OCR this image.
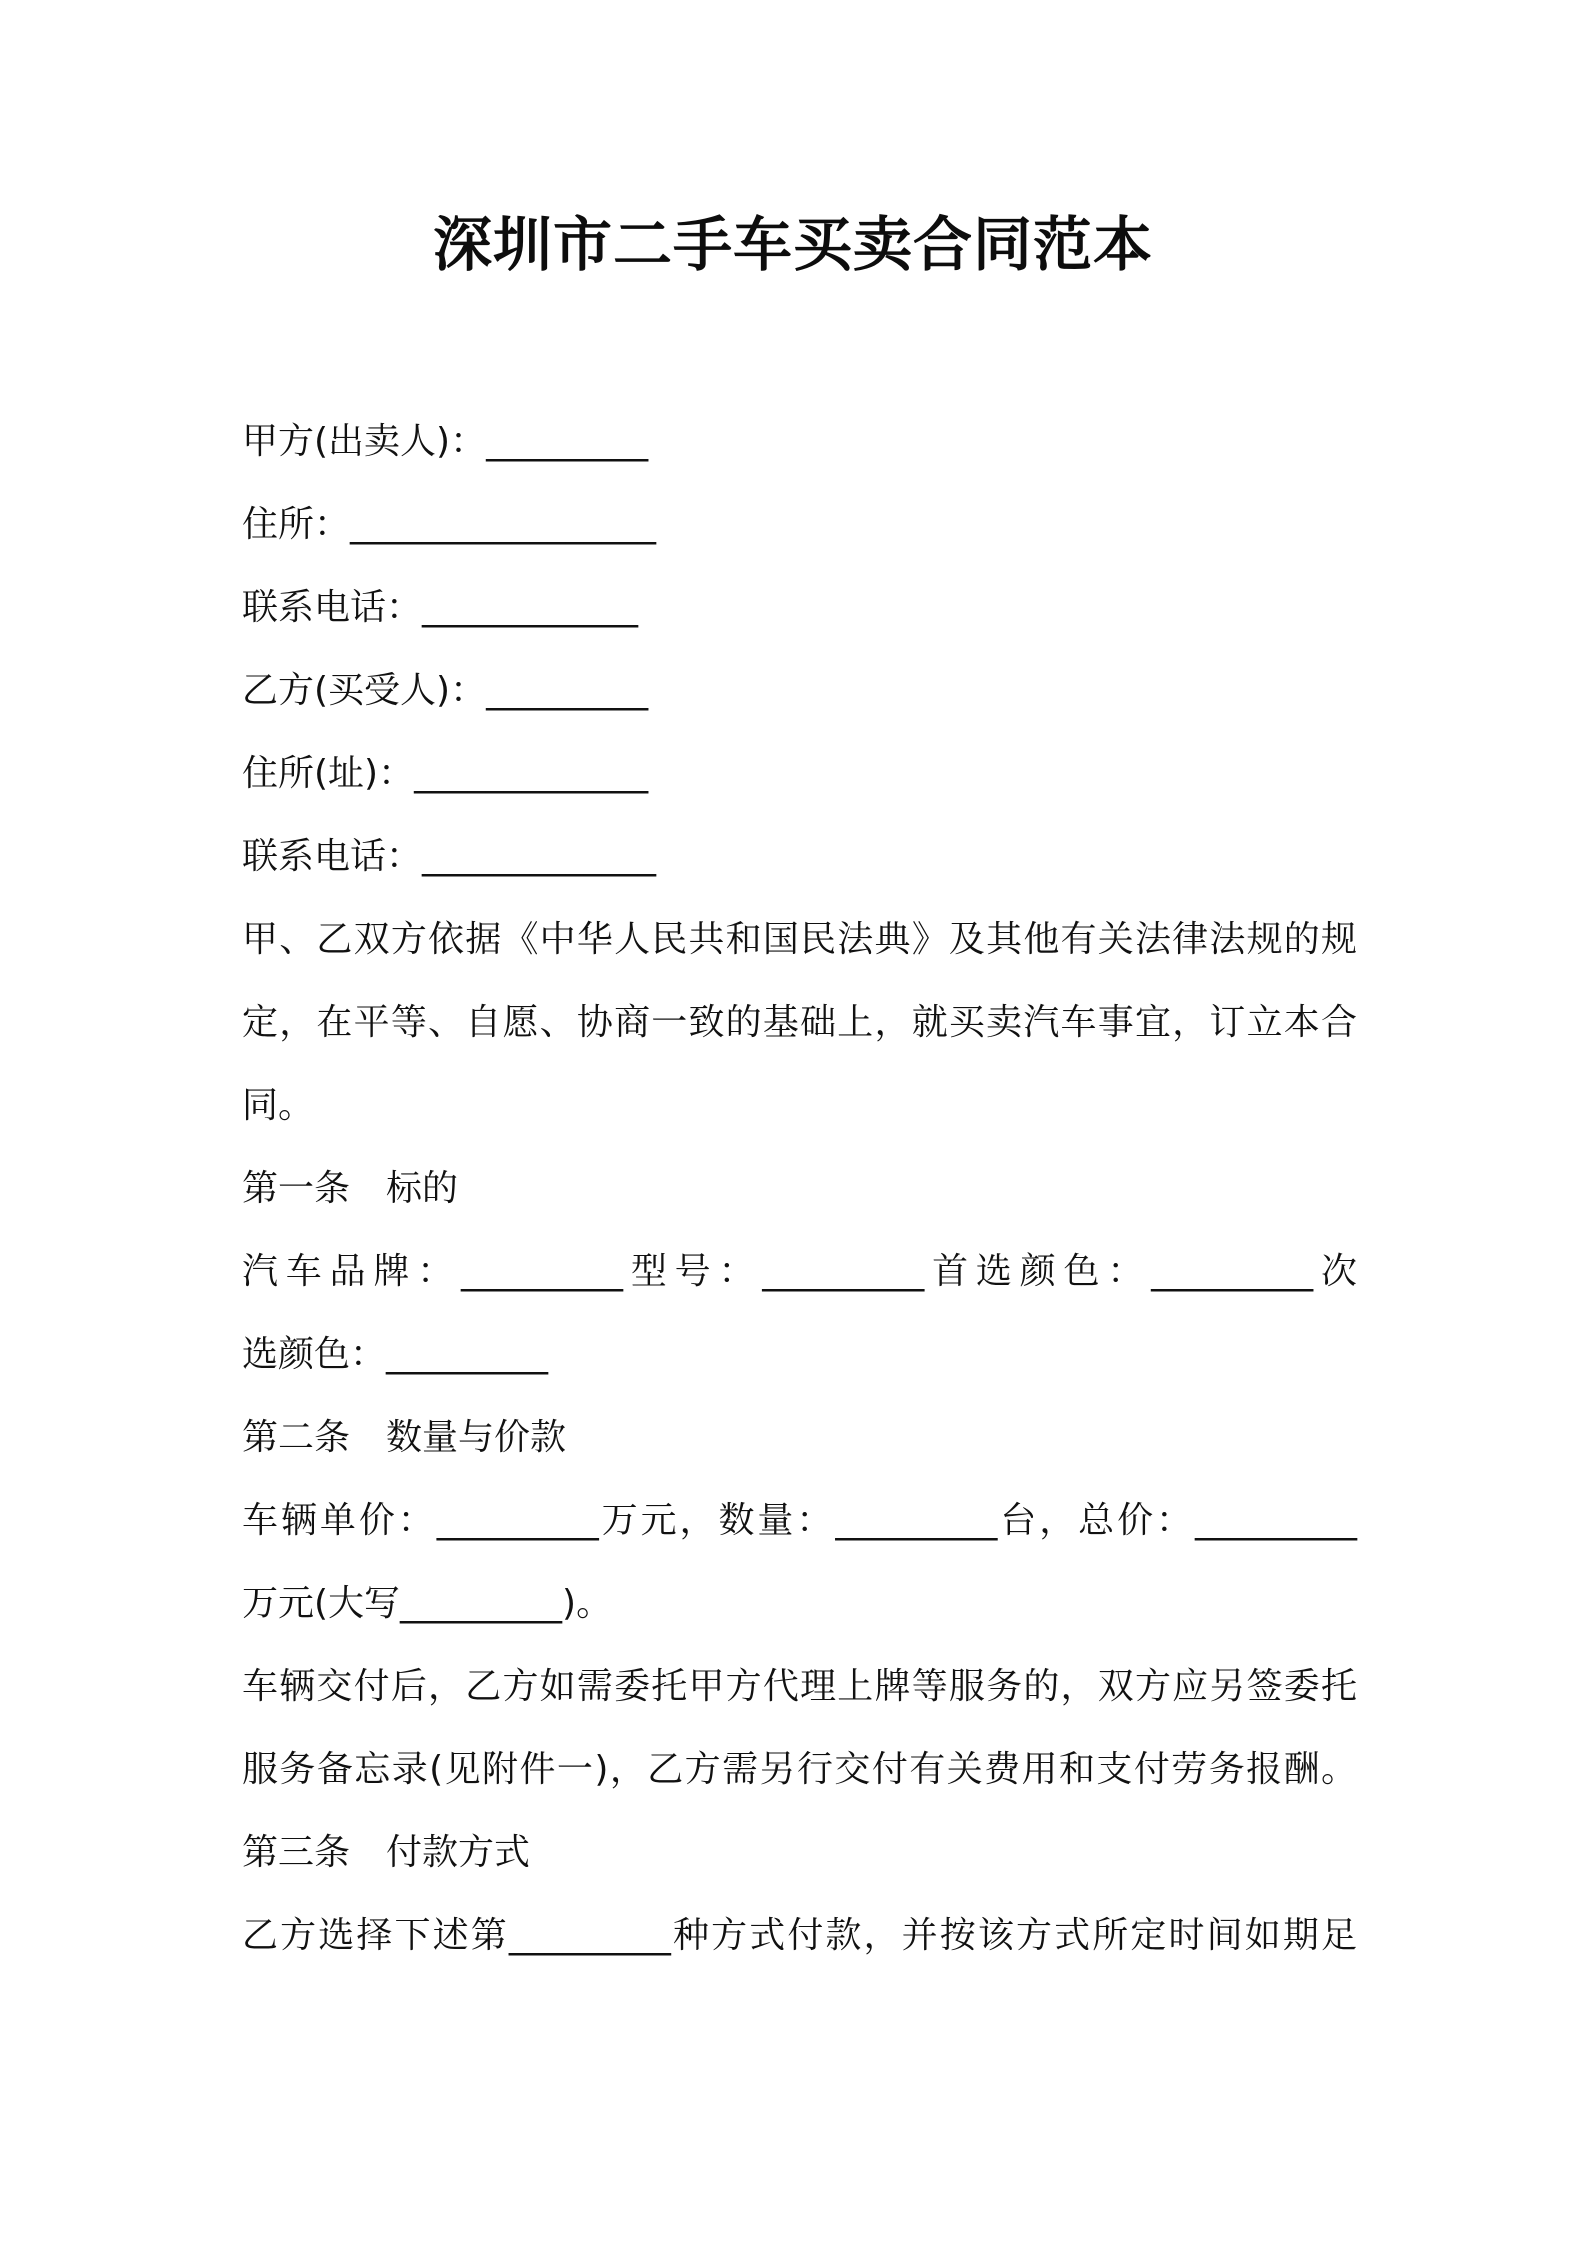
深圳市二手车买卖合同范本
甲方(出卖人)：_________
住所：_________________
联系电话：____________
乙方(买受人)：_________
住所(址)：_____________
联系电话：_____________
甲、乙双方依据《中华人民共和国民法典》及其他有关法律法规的规
定，在平等、自愿、协商一致的基础上，就买卖汽车事宜，订立本合
同。
第一条　标的
汽车品牌：_________型号：_________首选颜色：_________次
选颜色：_________
第二条　数量与价款
车辆单价：_________万元，数量：_________台，总价：_________
万元(大写_________)。
车辆交付后，乙方如需委托甲方代理上牌等服务的，双方应另签委托
服务备忘录(见附件一)，乙方需另行交付有关费用和支付劳务报酬。
第三条　付款方式
乙方选择下述第_________种方式付款，并按该方式所定时间如期足
